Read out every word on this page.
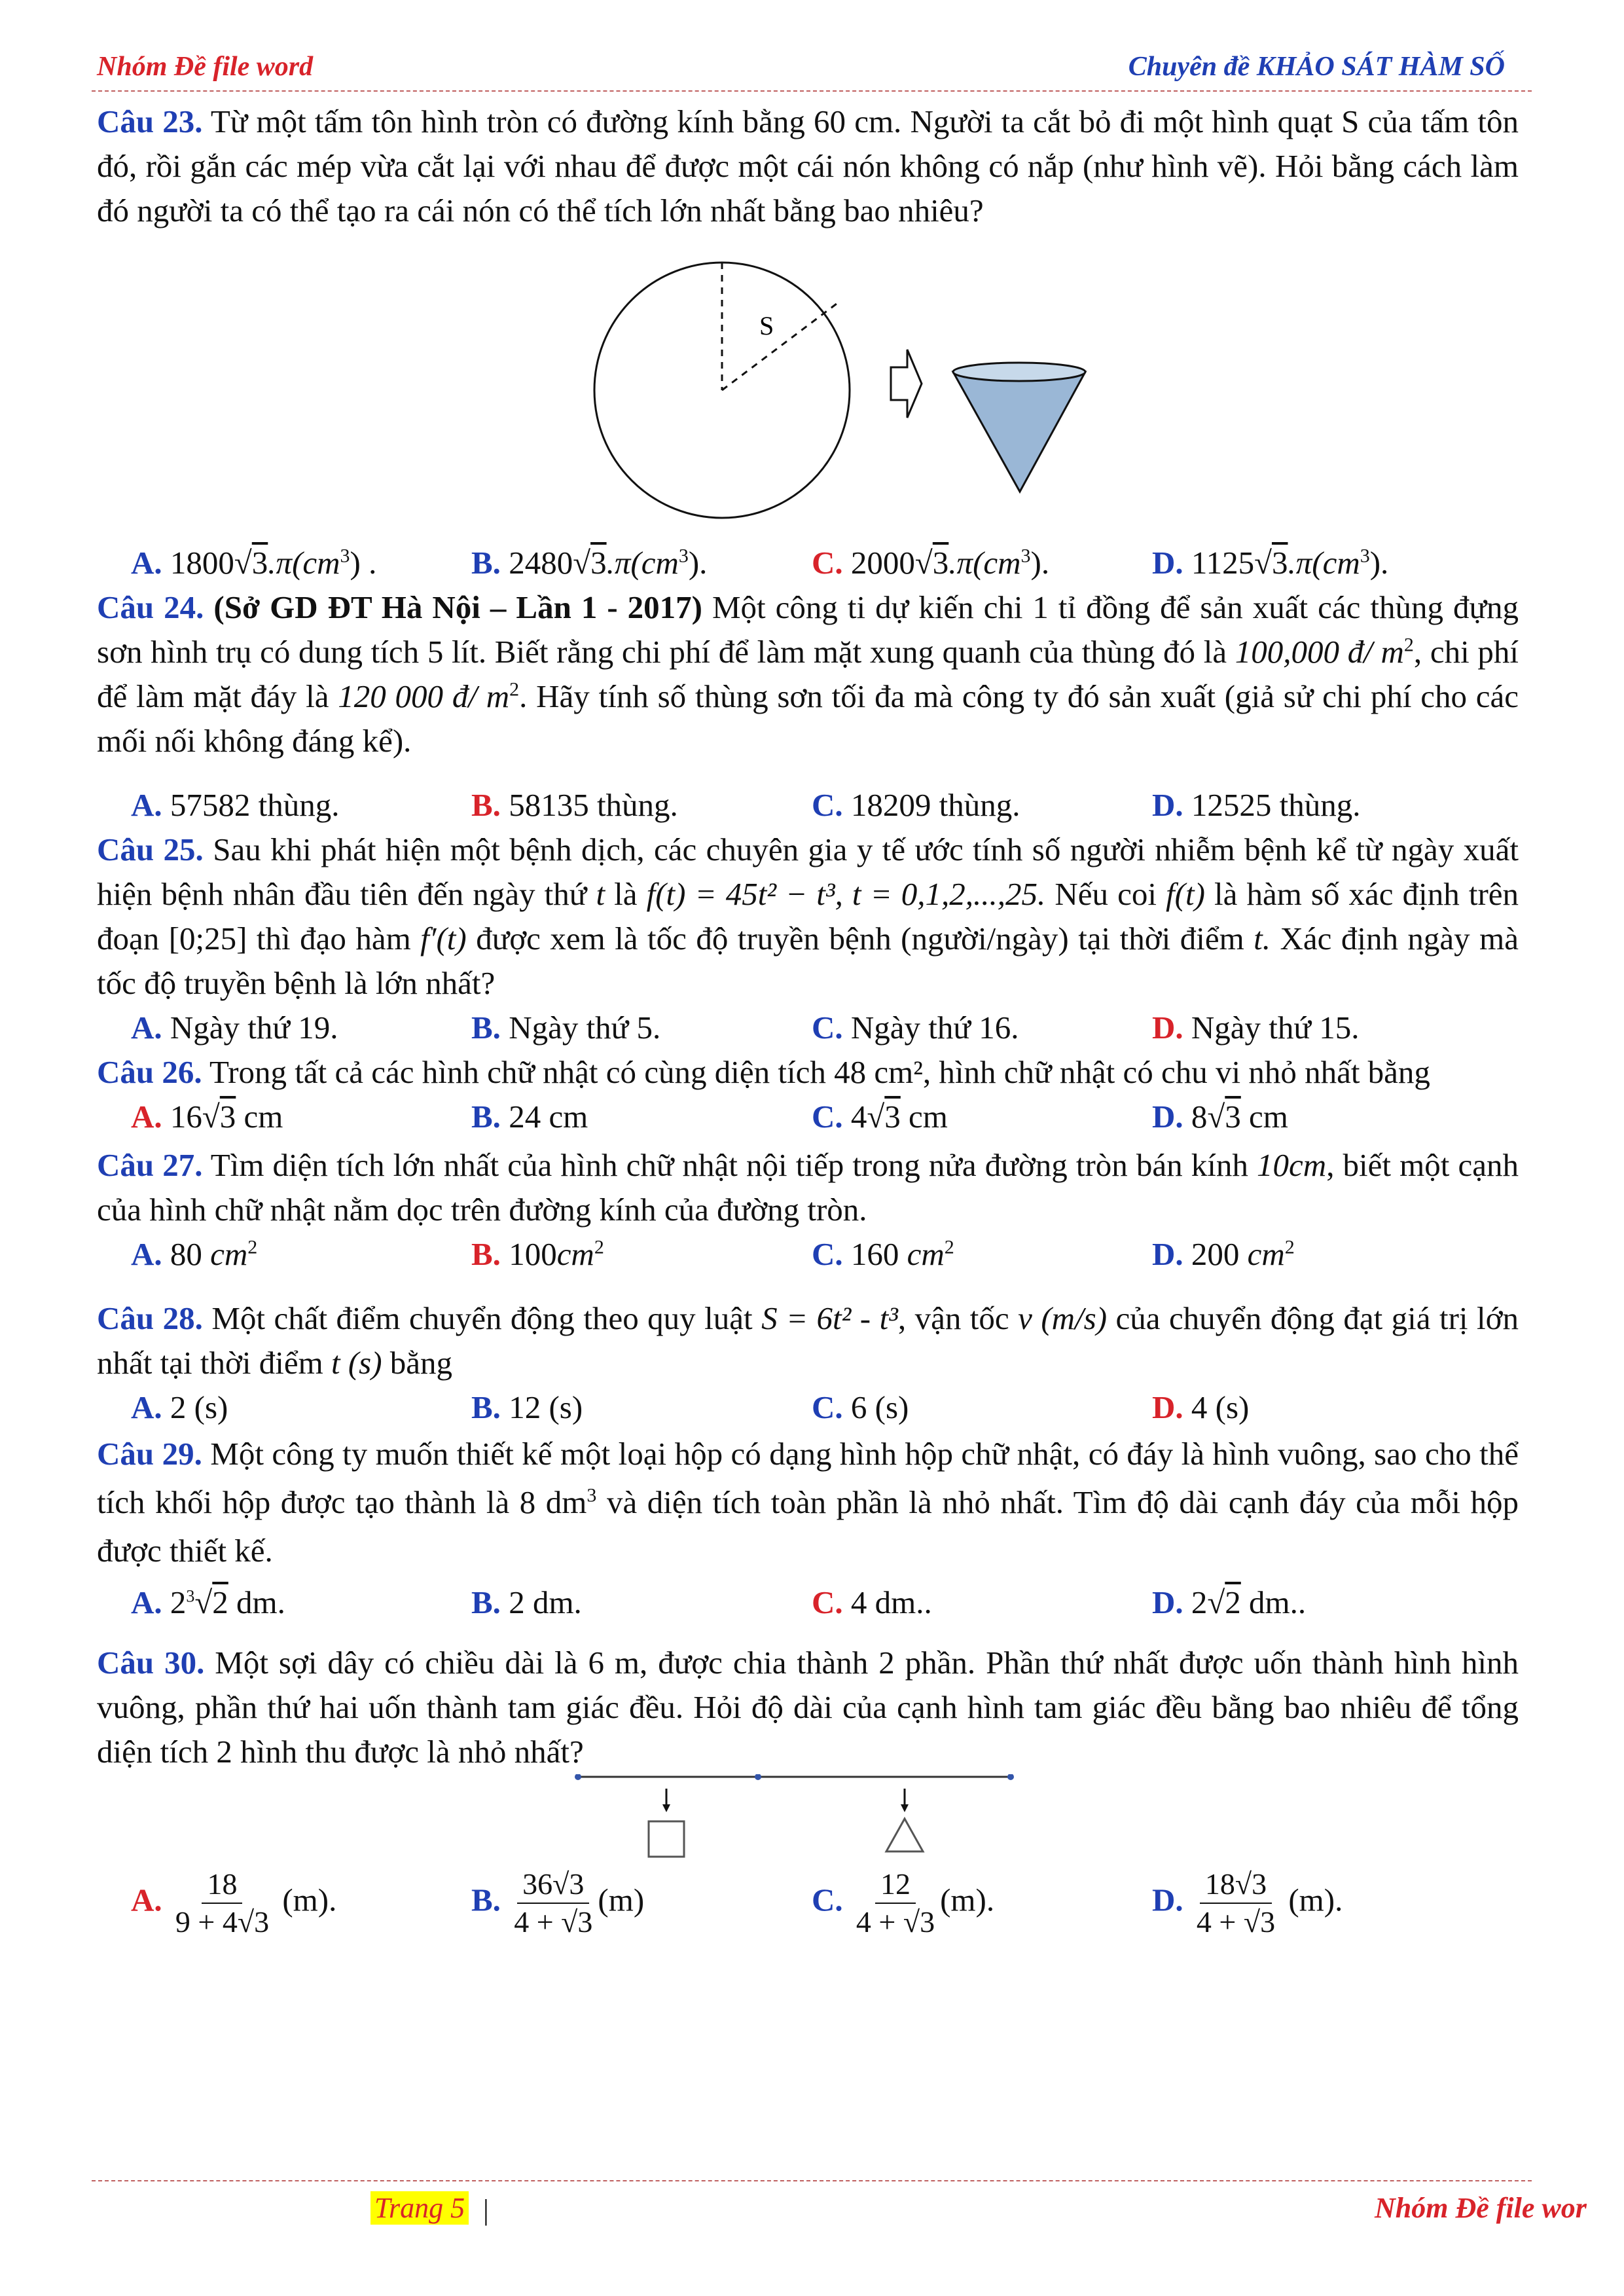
Nhóm Đề file word	Chuyên đề KHẢO SÁT HÀM SỐ

Câu 23. Từ một tấm tôn hình tròn có đường kính bằng 60 cm. Người ta cắt bỏ đi một hình quạt S của tấm tôn đó, rồi gắn các mép vừa cắt lại với nhau để được một cái nón không có nắp (như hình vẽ). Hỏi bằng cách làm đó người ta có thể tạo ra cái nón có thể tích lớn nhất bằng bao nhiêu?

S
A. $1800√3.\pi(cm^3)$ .	B. $2480√3.\pi(cm^3)$.	C. $2000√3.\pi(cm^3)$.	D. $1125√3.\pi(cm^3)$.

Câu 24. (Sở GD ĐT Hà Nội – Lần 1 - 2017) Một công ti dự kiến chi 1 tỉ đồng để sản xuất các thùng đựng sơn hình trụ có dung tích 5 lít. Biết rằng chi phí để làm mặt xung quanh của thùng đó là 100,000 đ/ $m^2$, chi phí để làm mặt đáy là 120 000 đ/ $m^2$. Hãy tính số thùng sơn tối đa mà công ty đó sản xuất (giả sử chi phí cho các mối nối không đáng kể).

A. 57582 thùng.	B. 58135 thùng.	C. 18209 thùng.	D. 12525 thùng.

Câu 25. Sau khi phát hiện một bệnh dịch, các chuyên gia y tế ước tính số người nhiễm bệnh kể từ ngày xuất hiện bệnh nhân đầu tiên đến ngày thứ t là f(t) = 45t² − t³, t = 0,1,2,...,25. Nếu coi f(t) là hàm số xác định trên đoạn [0;25] thì đạo hàm f′(t) được xem là tốc độ truyền bệnh (người/ngày) tại thời điểm t. Xác định ngày mà tốc độ truyền bệnh là lớn nhất?

A. Ngày thứ 19.	B. Ngày thứ 5.	C. Ngày thứ 16.	D. Ngày thứ 15.

Câu 26. Trong tất cả các hình chữ nhật có cùng diện tích 48 cm², hình chữ nhật có chu vi nhỏ nhất bằng

A. 16√3 cm	B. 24 cm	C. 4√3 cm	D. 8√3 cm

Câu 27. Tìm diện tích lớn nhất của hình chữ nhật nội tiếp trong nửa đường tròn bán kính 10cm, biết một cạnh của hình chữ nhật nằm dọc trên đường kính của đường tròn.

A. 80 $cm^2$	B. $100cm^2$	C. 160 $cm^2$	D. 200 $cm^2$

Câu 28. Một chất điểm chuyển động theo quy luật S = 6t² - t³, vận tốc v (m/s) của chuyển động đạt giá trị lớn nhất tại thời điểm t (s) bằng

A. 2 (s)	B. 12 (s)	C. 6 (s)	D. 4 (s)

Câu 29. Một công ty muốn thiết kế một loại hộp có dạng hình hộp chữ nhật, có đáy là hình vuông, sao cho thể tích khối hộp được tạo thành là 8 $dm^3$ và diện tích toàn phần là nhỏ nhất. Tìm độ dài cạnh đáy của mỗi hộp được thiết kế.

A. $2^3√2$ dm.	B. 2 dm.	C. 4 dm..	D. 2√2 dm..

Câu 30. Một sợi dây có chiều dài là 6 m, được chia thành 2 phần. Phần thứ nhất được uốn thành hình hình vuông, phần thứ hai uốn thành tam giác đều. Hỏi độ dài của cạnh hình tam giác đều bằng bao nhiêu để tổng diện tích 2 hình thu được là nhỏ nhất?

A. $\frac{18}{9 + 4√3} (m)$.	B. $\frac{36√3}{4 + √3} (m)$	C. $\frac{12}{4 + √3} (m)$.	D. $\frac{18√3}{4 + √3} (m)$.
Trang 5 |	Nhóm Đề file wor
